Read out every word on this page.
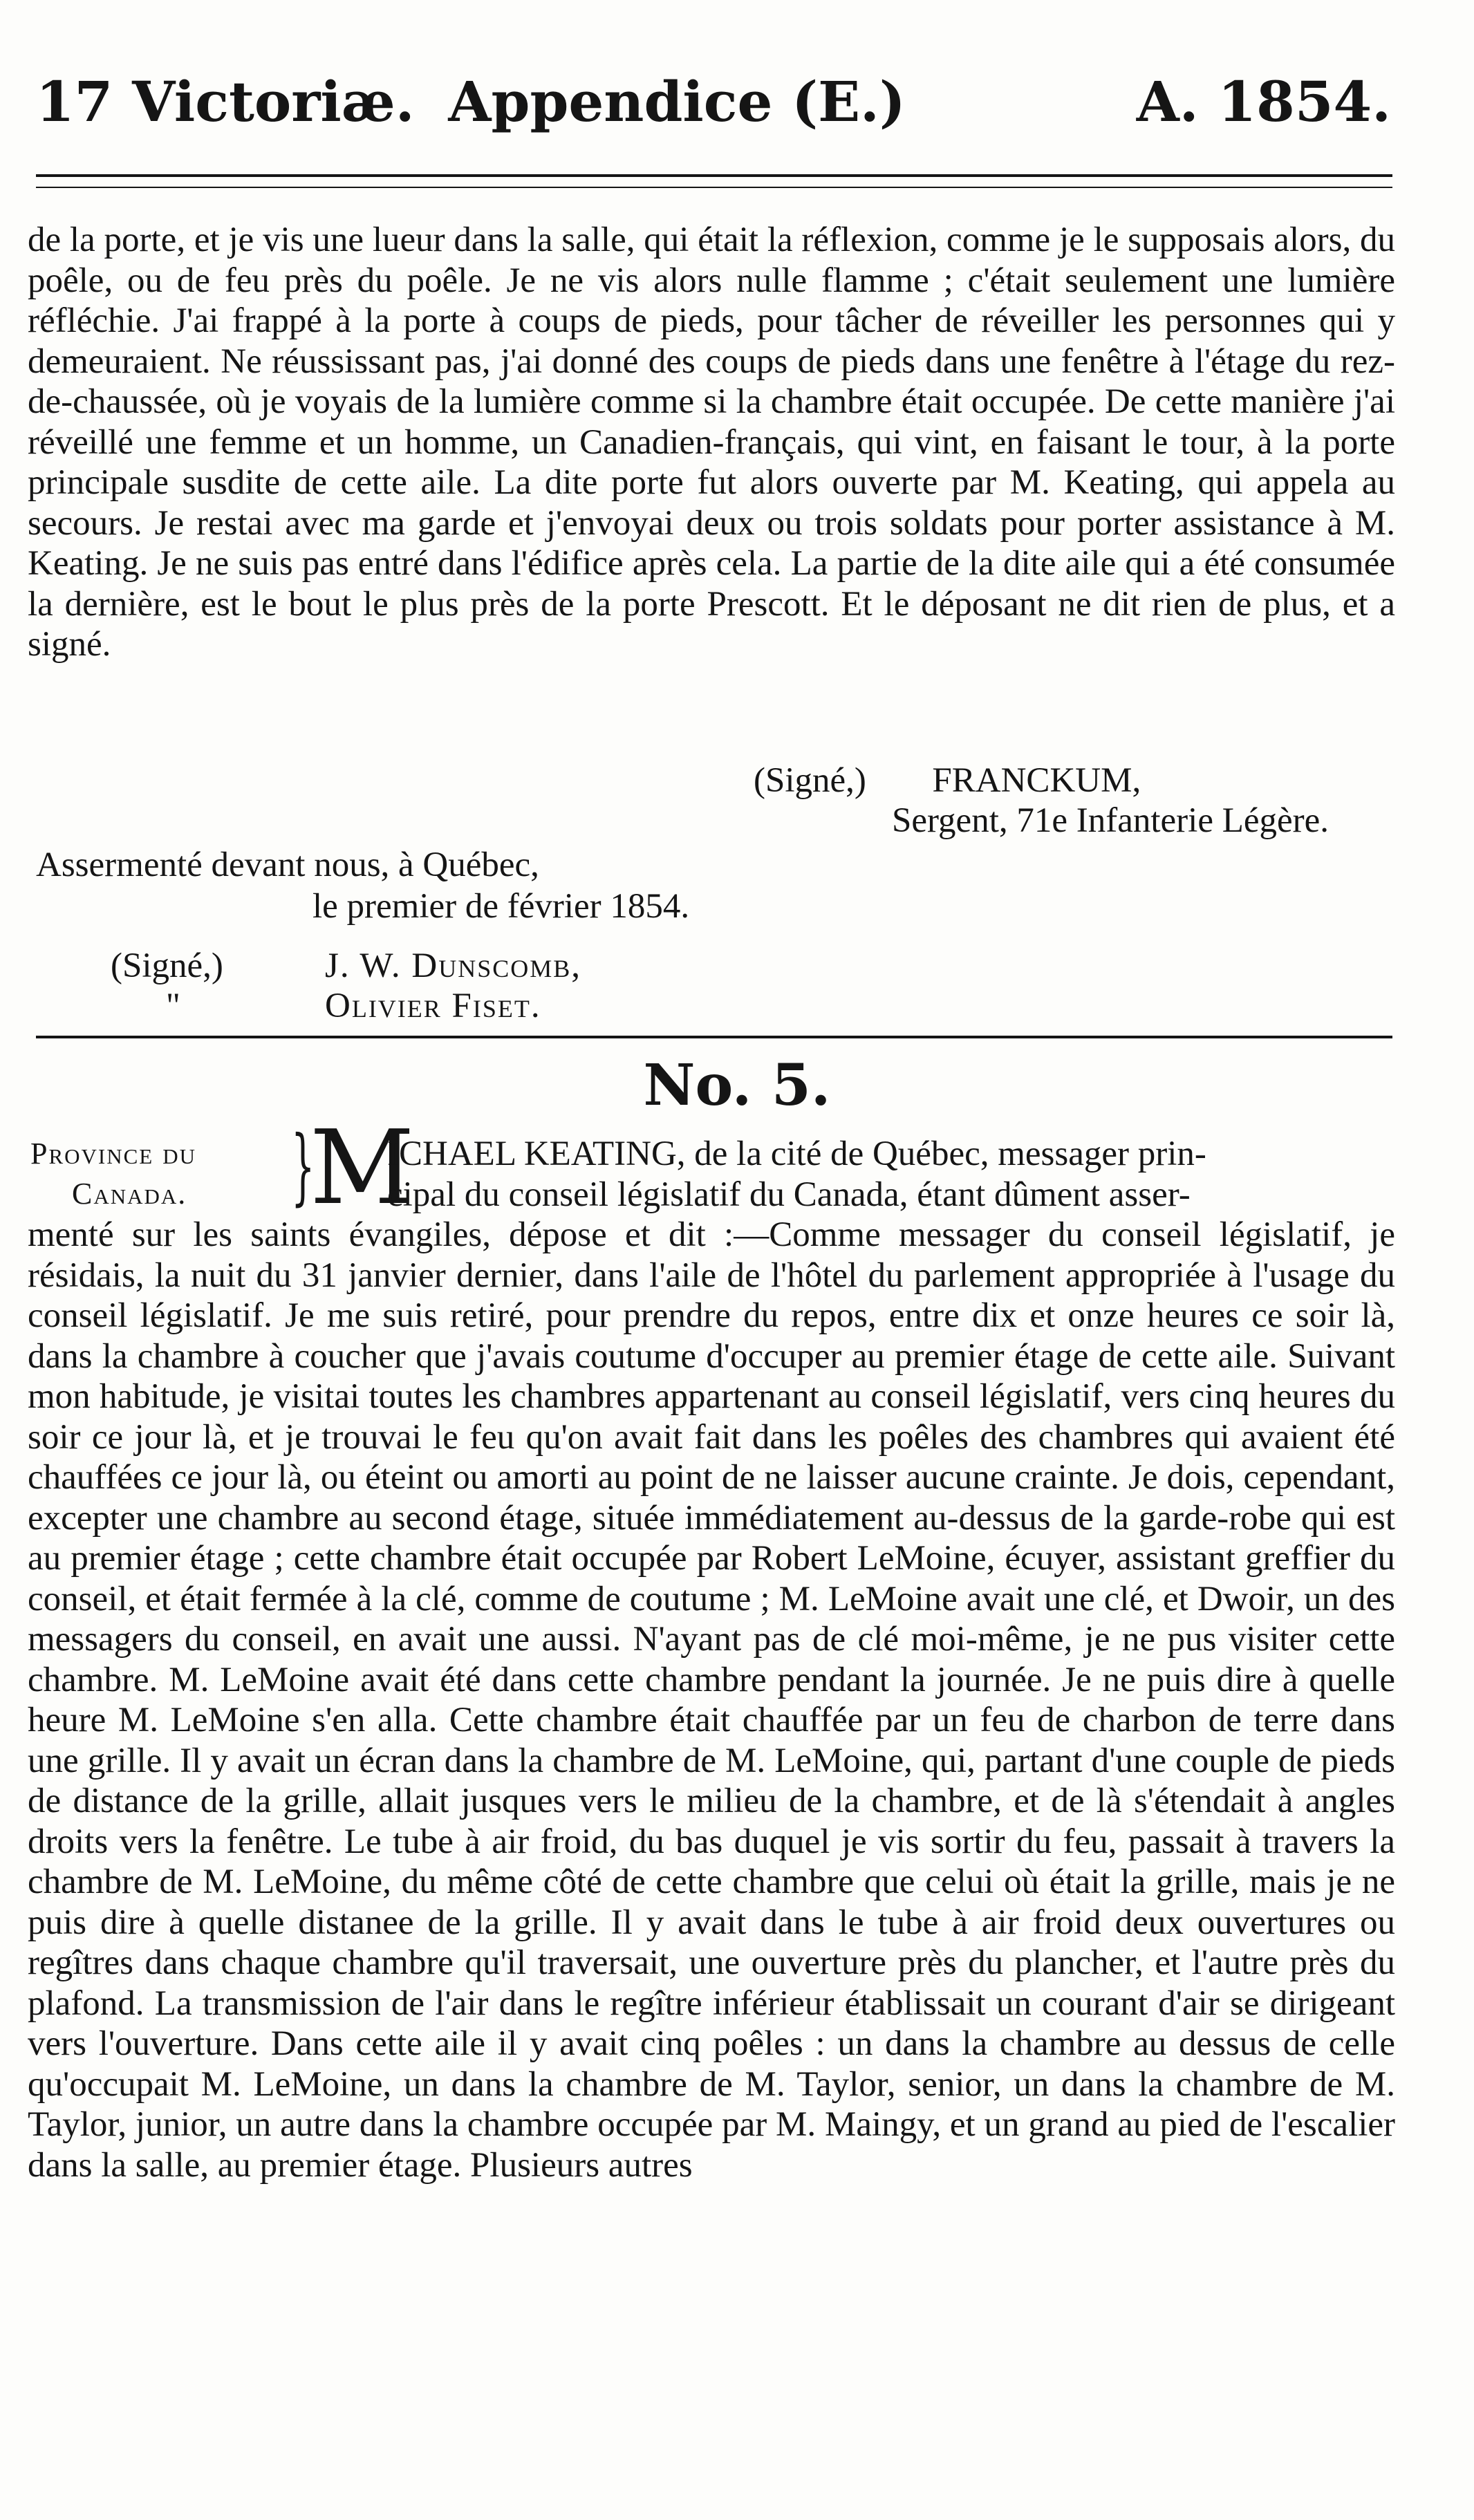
17 Victoriæ. Appendice (E.)	A. 1854.

de la porte, et je vis une lueur dans la salle, qui était la réflexion, comme je le supposais alors, du poêle, ou de feu près du poêle. Je ne vis alors nulle flamme ; c'était seulement une lumière réfléchie. J'ai frappé à la porte à coups de pieds, pour tâcher de réveiller les personnes qui y demeuraient. Ne réussissant pas, j'ai donné des coups de pieds dans une fenêtre à l'étage du rez-de-chaussée, où je voyais de la lumière comme si la chambre était occupée. De cette manière j'ai réveillé une femme et un homme, un Canadien-français, qui vint, en faisant le tour, à la porte principale susdite de cette aile. La dite porte fut alors ouverte par M. Keating, qui appela au secours. Je restai avec ma garde et j'envoyai deux ou trois soldats pour porter assistance à M. Keating. Je ne suis pas entré dans l'édifice après cela. La partie de la dite aile qui a été consumée la dernière, est le bout le plus près de la porte Prescott. Et le déposant ne dit rien de plus, et a signé.

(Signé,) FRANCKUM,
Sergent, 71e Infanterie Légère.
Assermenté devant nous, à Québec,
le premier de février 1854.
(Signé,)	J. W. Dunscomb,
"	Olivier Fiset.
No. 5.
Province du
Canada.	}
M

ICHAEL KEATING, de la cité de Québec, messager prin-

cipal du conseil législatif du Canada, étant dûment asser-

menté sur les saints évangiles, dépose et dit :—Comme messager du conseil législatif, je résidais, la nuit du 31 janvier dernier, dans l'aile de l'hôtel du parlement appropriée à l'usage du conseil législatif. Je me suis retiré, pour prendre du repos, entre dix et onze heures ce soir là, dans la chambre à coucher que j'avais coutume d'occuper au premier étage de cette aile. Suivant mon habitude, je visitai toutes les chambres appartenant au conseil législatif, vers cinq heures du soir ce jour là, et je trouvai le feu qu'on avait fait dans les poêles des chambres qui avaient été chauffées ce jour là, ou éteint ou amorti au point de ne laisser aucune crainte. Je dois, cependant, excepter une chambre au second étage, située immédiatement au-dessus de la garde-robe qui est au premier étage ; cette chambre était occupée par Robert LeMoine, écuyer, assistant greffier du conseil, et était fermée à la clé, comme de coutume ; M. LeMoine avait une clé, et Dwoir, un des messagers du conseil, en avait une aussi. N'ayant pas de clé moi-même, je ne pus visiter cette chambre. M. LeMoine avait été dans cette chambre pendant la journée. Je ne puis dire à quelle heure M. LeMoine s'en alla. Cette chambre était chauffée par un feu de charbon de terre dans une grille. Il y avait un écran dans la chambre de M. LeMoine, qui, partant d'une couple de pieds de distance de la grille, allait jusques vers le milieu de la chambre, et de là s'étendait à angles droits vers la fenêtre. Le tube à air froid, du bas duquel je vis sortir du feu, passait à travers la chambre de M. LeMoine, du même côté de cette chambre que celui où était la grille, mais je ne puis dire à quelle distanee de la grille. Il y avait dans le tube à air froid deux ouvertures ou regîtres dans chaque chambre qu'il traversait, une ouverture près du plancher, et l'autre près du plafond. La transmission de l'air dans le regître inférieur établissait un courant d'air se dirigeant vers l'ouverture. Dans cette aile il y avait cinq poêles : un dans la chambre au dessus de celle qu'occupait M. LeMoine, un dans la chambre de M. Taylor, senior, un dans la chambre de M. Taylor, junior, un autre dans la chambre occupée par M. Maingy, et un grand au pied de l'escalier dans la salle, au premier étage. Plusieurs autres
